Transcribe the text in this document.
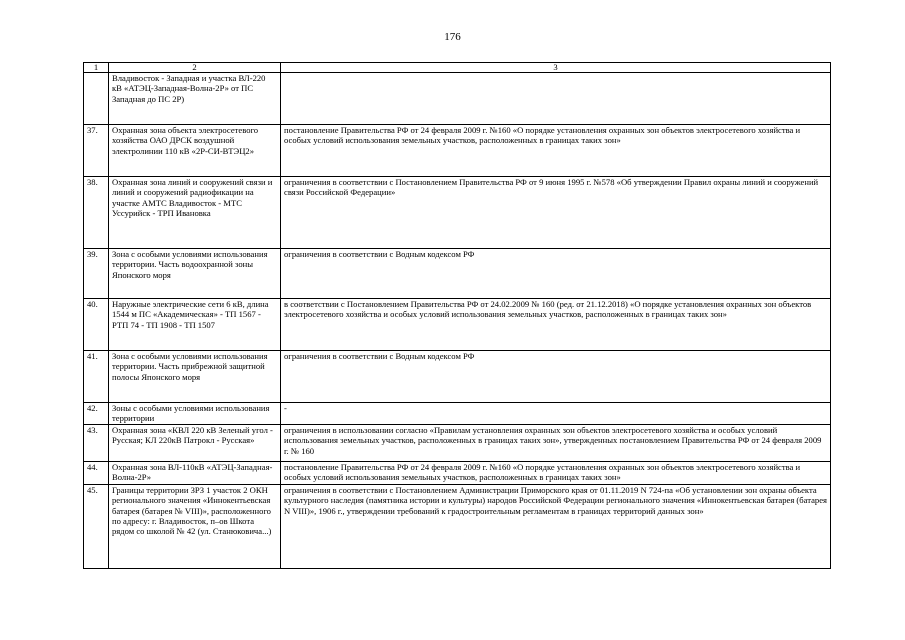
176
1	2	3
	Владивосток - Западная и участка ВЛ-220 кВ «АТЭЦ-Западная-Волна-2Р» от ПС Западная до ПС 2Р)	
37.	Охранная зона объекта электросетевого хозяйства ОАО ДРСК воздушной электролинии 110 кВ «2Р-СИ-ВТЭЦ2»	постановление Правительства РФ от 24 февраля 2009 г. №160 «О порядке установления охранных зон объектов электросетевого хозяйства и особых условий использования земельных участков, расположенных в границах таких зон»
38.	Охранная зона линий и сооружений связи и линий и сооружений радиофикации на участке АМТС Владивосток - МТС Уссурийск - ТРП Ивановка	ограничения в соответствии с Постановлением Правительства РФ от 9 июня 1995 г. №578 «Об утверждении Правил охраны линий и сооружений связи Российской Федерации»
39.	Зона с особыми условиями использования территории. Часть водоохранной зоны Японского моря	ограничения в соответствии с Водным кодексом РФ
40.	Наружные электрические сети 6 кВ, длина 1544 м ПС «Академическая» - ТП 1567 - РТП 74 - ТП 1908 - ТП 1507	в соответствии с Постановлением Правительства РФ от 24.02.2009 № 160 (ред. от 21.12.2018) «О порядке установления охранных зон объектов электросетевого хозяйства и особых условий использования земельных участков, расположенных в границах таких зон»
41.	Зона с особыми условиями использования территории. Часть прибрежной защитной полосы Японского моря	ограничения в соответствии с Водным кодексом РФ
42.	Зоны с особыми условиями использования территории	-
43.	Охранная зона «КВЛ 220 кВ Зеленый угол - Русская; КЛ 220кВ Патрокл - Русская»	ограничения в использовании согласно «Правилам установления охранных зон объектов электросетевого хозяйства и особых условий использования земельных участков, расположенных в границах таких зон», утвержденных постановлением Правительства РФ от 24 февраля 2009 г. № 160
44.	Охранная зона ВЛ-110кВ «АТЭЦ-Западная-Волна-2Р»	постановление Правительства РФ от 24 февраля 2009 г. №160 «О порядке установления охранных зон объектов электросетевого хозяйства и особых условий использования земельных участков, расположенных в границах таких зон»
45.	Границы территории ЗРЗ 1 участок 2 ОКН регионального значения «Иннокентьевская батарея (батарея № VIII)», расположенного по адресу: г. Владивосток, п–ов Шкота рядом со школой № 42 (ул. Станюковича...)	ограничения в соответствии с Постановлением Администрации Приморского края от 01.11.2019 N 724-па «Об установлении зон охраны объекта культурного наследия (памятника истории и культуры) народов Российской Федерации регионального значения «Иннокентьевская батарея (батарея N VIII)», 1906 г., утверждении требований к градостроительным регламентам в границах территорий данных зон»
